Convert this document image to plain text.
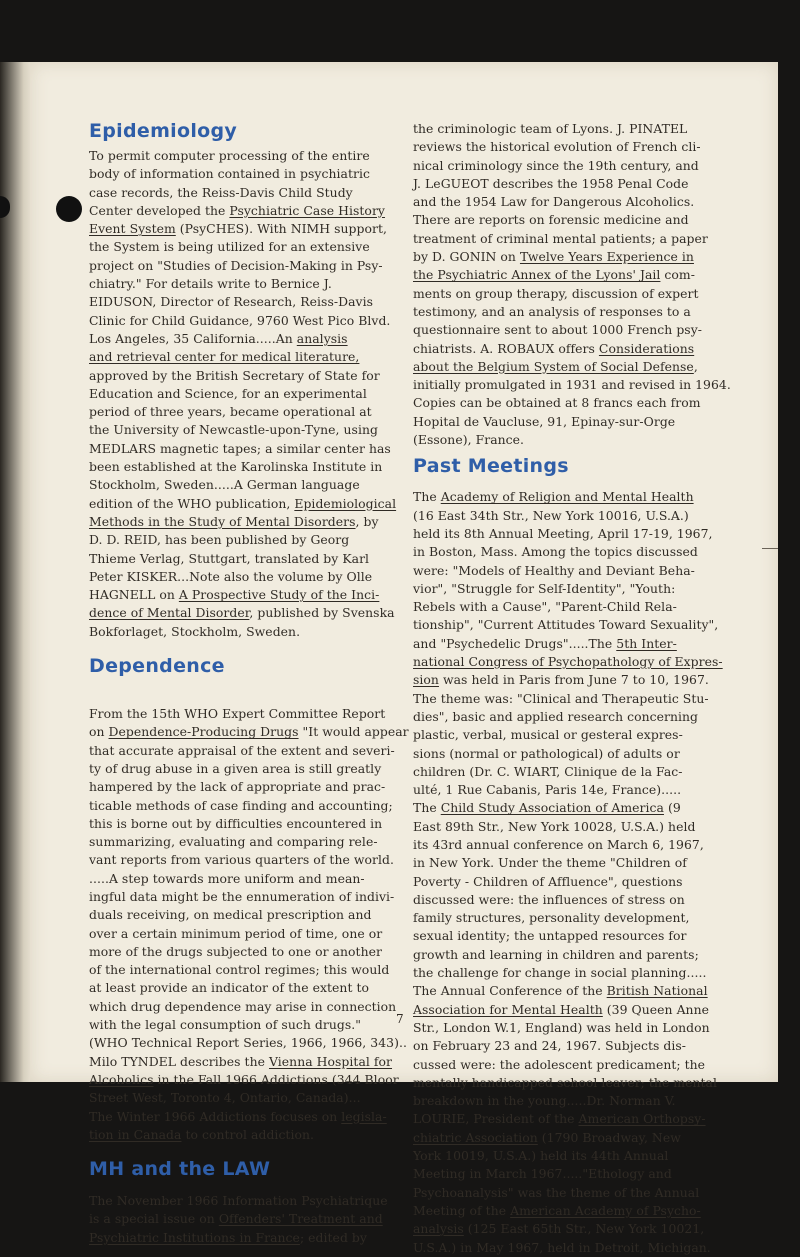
Epidemiology
To permit computer processing of the entire
body of information contained in psychiatric
case records, the Reiss-Davis Child Study
Center developed the Psychiatric Case History
Event System (PsyCHES). With NIMH support,
the System is being utilized for an extensive
project on "Studies of Decision-Making in Psy-
chiatry." For details write to Bernice J.
EIDUSON, Director of Research, Reiss-Davis
Clinic for Child Guidance, 9760 West Pico Blvd.
Los Angeles, 35 California.....An analysis
and retrieval center for medical literature,
approved by the British Secretary of State for
Education and Science, for an experimental
period of three years, became operational at
the University of Newcastle-upon-Tyne, using
MEDLARS magnetic tapes; a similar center has
been established at the Karolinska Institute in
Stockholm, Sweden.....A German language
edition of the WHO publication, Epidemiological
Methods in the Study of Mental Disorders, by
D. D. REID, has been published by Georg
Thieme Verlag, Stuttgart, translated by Karl
Peter KISKER...Note also the volume by Olle
HAGNELL on A Prospective Study of the Inci-
dence of Mental Disorder, published by Svenska
Bokforlaget, Stockholm, Sweden.
Dependence
From the 15th WHO Expert Committee Report
on Dependence-Producing Drugs "It would appear
that accurate appraisal of the extent and severi-
ty of drug abuse in a given area is still greatly
hampered by the lack of appropriate and prac-
ticable methods of case finding and accounting;
this is borne out by difficulties encountered in
summarizing, evaluating and comparing rele-
vant reports from various quarters of the world.
.....A step towards more uniform and mean-
ingful data might be the ennumeration of indivi-
duals receiving, on medical prescription and
over a certain minimum period of time, one or
more of the drugs subjected to one or another
of the international control regimes; this would
at least provide an indicator of the extent to
which drug dependence may arise in connection
with the legal consumption of such drugs."
(WHO Technical Report Series, 1966, 1966, 343)..
Milo TYNDEL describes the Vienna Hospital for
Alcoholics in the Fall 1966 Addictions (344 Bloor
Street West, Toronto 4, Ontario, Canada)...
The Winter 1966 Addictions focuses on legisla-
tion in Canada to control addiction.
MH and the LAW
The November 1966 Information Psychiatrique
is a special issue on Offenders' Treatment and
Psychiatric Institutions in France; edited by
the criminologic team of Lyons. J. PINATEL
reviews the historical evolution of French cli-
nical criminology since the 19th century, and
J. LeGUEOT describes the 1958 Penal Code
and the 1954 Law for Dangerous Alcoholics.
There are reports on forensic medicine and
treatment of criminal mental patients; a paper
by D. GONIN on Twelve Years Experience in
the Psychiatric Annex of the Lyons' Jail com-
ments on group therapy, discussion of expert
testimony, and an analysis of responses to a
questionnaire sent to about 1000 French psy-
chiatrists. A. ROBAUX offers Considerations
about the Belgium System of Social Defense,
initially promulgated in 1931 and revised in 1964.
Copies can be obtained at 8 francs each from
Hopital de Vaucluse, 91, Epinay-sur-Orge
(Essone), France.
Past Meetings
The Academy of Religion and Mental Health
(16 East 34th Str., New York 10016, U.S.A.)
held its 8th Annual Meeting, April 17-19, 1967,
in Boston, Mass. Among the topics discussed
were: "Models of Healthy and Deviant Beha-
vior", "Struggle for Self-Identity", "Youth:
Rebels with a Cause", "Parent-Child Rela-
tionship", "Current Attitudes Toward Sexuality",
and "Psychedelic Drugs".....The 5th Inter-
national Congress of Psychopathology of Expres-
sion was held in Paris from June 7 to 10, 1967.
The theme was: "Clinical and Therapeutic Stu-
dies", basic and applied research concerning
plastic, verbal, musical or gesteral expres-
sions (normal or pathological) of adults or
children (Dr. C. WIART, Clinique de la Fac-
ulté, 1 Rue Cabanis, Paris 14e, France).....
The Child Study Association of America (9
East 89th Str., New York 10028, U.S.A.) held
its 43rd annual conference on March 6, 1967,
in New York. Under the theme "Children of
Poverty - Children of Affluence", questions
discussed were: the influences of stress on
family structures, personality development,
sexual identity; the untapped resources for
growth and learning in children and parents;
the challenge for change in social planning.....
The Annual Conference of the British National
Association for Mental Health (39 Queen Anne
Str., London W.1, England) was held in London
on February 23 and 24, 1967. Subjects dis-
cussed were: the adolescent predicament; the
mentally handicapped school leaver; the mental
breakdown in the young.....Dr. Norman V.
LOURIE, President of the American Orthopsy-
chiatric Association (1790 Broadway, New
York 10019, U.S.A.) held its 44th Annual
Meeting in March 1967....."Ethology and
Psychoanalysis" was the theme of the Annual
Meeting of the American Academy of Psycho-
analysis (125 East 65th Str., New York 10021,
U.S.A.) in May 1967, held in Detroit, Michigan.
7
